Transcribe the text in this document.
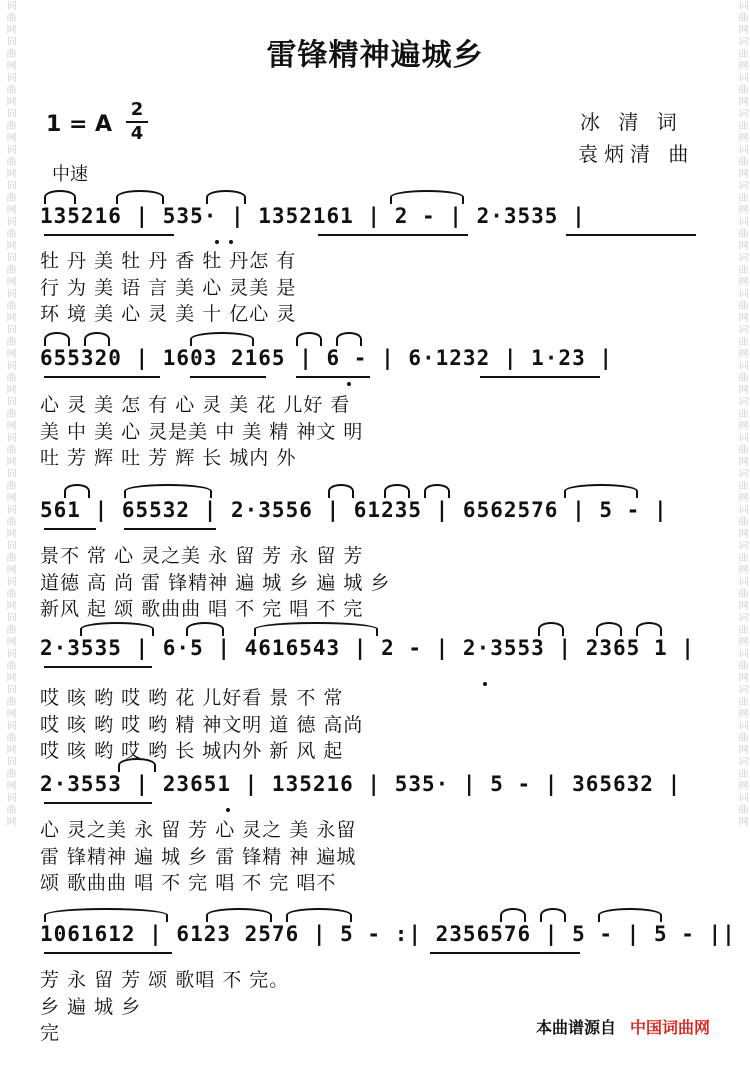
词曲网词曲网词曲网词曲网词曲网词曲网词曲网词曲网词曲网词曲网词曲网词曲网词曲网词曲网词曲网词曲网词曲网词曲网词曲网词曲网词曲网词曲网词曲网	词曲网词曲网词曲网词曲网词曲网词曲网词曲网词曲网词曲网词曲网词曲网词曲网词曲网词曲网词曲网词曲网词曲网词曲网词曲网词曲网词曲网词曲网词曲网
雷锋精神遍城乡
冰 清 词
袁炳清 曲
1 = A
2
4
中速
135216 | 535· | 1352161 | 2 - | 2·3535 |
牡 丹 美 牡 丹 香 牡 丹怎 有
行 为 美 语 言 美 心 灵美 是
环 境 美 心 灵 美 十 亿心 灵
655320 | 1603 2165 | 6 - | 6·1232 | 1·23 |
心 灵 美 怎 有 心 灵 美 花 儿好 看
美 中 美 心 灵是美 中 美 精 神文 明
吐 芳 辉 吐 芳 辉 长 城内 外
561 | 65532 | 2·3556 | 61235 | 6562576 | 5 - |
景不 常 心 灵之美 永 留 芳 永 留 芳
道德 高 尚 雷 锋精神 遍 城 乡 遍 城 乡
新风 起 颂 歌曲曲 唱 不 完 唱 不 完
2·3535 | 6·5 | 4616543 | 2 - | 2·3553 | 2365 1 |
哎 咳 哟 哎 哟 花 儿好看 景 不 常
哎 咳 哟 哎 哟 精 神文明 道 德 高尚
哎 咳 哟 哎 哟 长 城内外 新 风 起
2·3553 | 23651 | 135216 | 535· | 5 - | 365632 |
心 灵之美 永 留 芳 心 灵之 美 永留
雷 锋精神 遍 城 乡 雷 锋精 神 遍城
颂 歌曲曲 唱 不 完 唱 不 完 唱不
1061612 | 6123 2576 | 5 - :| 2356576 | 5 - | 5 - ||
芳 永 留 芳 颂 歌唱 不 完。
乡 遍 城 乡
完	本曲谱源自 中国词曲网
